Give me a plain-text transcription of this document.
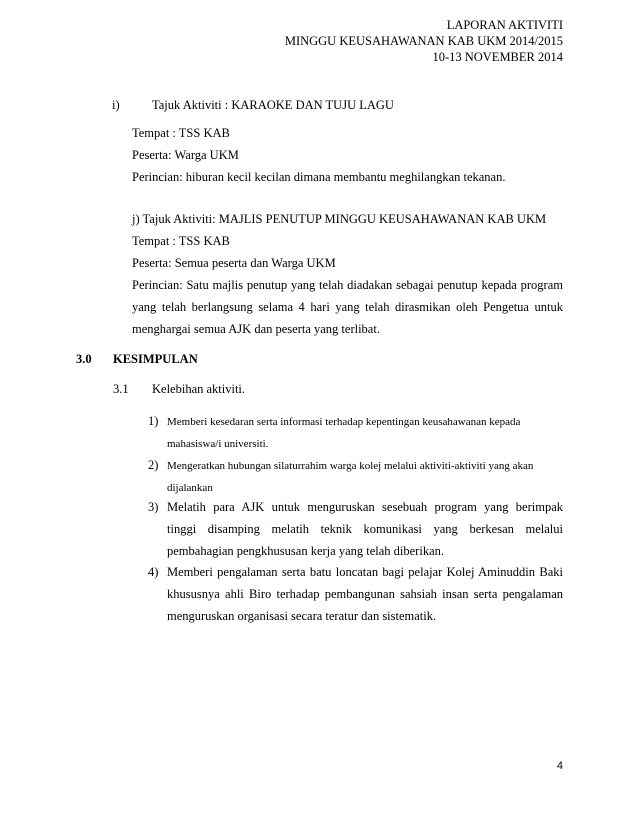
LAPORAN AKTIVITI
MINGGU KEUSAHAWANAN KAB UKM 2014/2015
10-13 NOVEMBER 2014
i)	Tajuk Aktiviti : KARAOKE DAN TUJU LAGU
Tempat : TSS KAB
Peserta: Warga UKM
Perincian: hiburan kecil kecilan dimana membantu meghilangkan tekanan.
j) Tajuk Aktiviti: MAJLIS PENUTUP MINGGU KEUSAHAWANAN KAB UKM
Tempat : TSS KAB
Peserta: Semua peserta dan Warga UKM
Perincian: Satu majlis penutup yang telah diadakan sebagai penutup kepada program
yang telah berlangsung selama 4 hari yang telah dirasmikan oleh Pengetua untuk
menghargai semua AJK dan peserta yang terlibat.
3.0 KESIMPULAN
3.1 Kelebihan aktiviti.
1) Memberi kesedaran serta informasi terhadap kepentingan keusahawanan kepada
mahasiswa/i universiti.
2) Mengeratkan hubungan silaturrahim warga kolej melalui aktiviti-aktiviti yang akan
dijalankan
3) Melatih para AJK untuk menguruskan sesebuah program yang berimpak
tinggi disamping melatih teknik komunikasi yang berkesan melalui
pembahagian pengkhususan kerja yang telah diberikan.
4) Memberi pengalaman serta batu loncatan bagi pelajar Kolej Aminuddin Baki
khususnya ahli Biro terhadap pembangunan sahsiah insan serta pengalaman
menguruskan organisasi secara teratur dan sistematik.
4
